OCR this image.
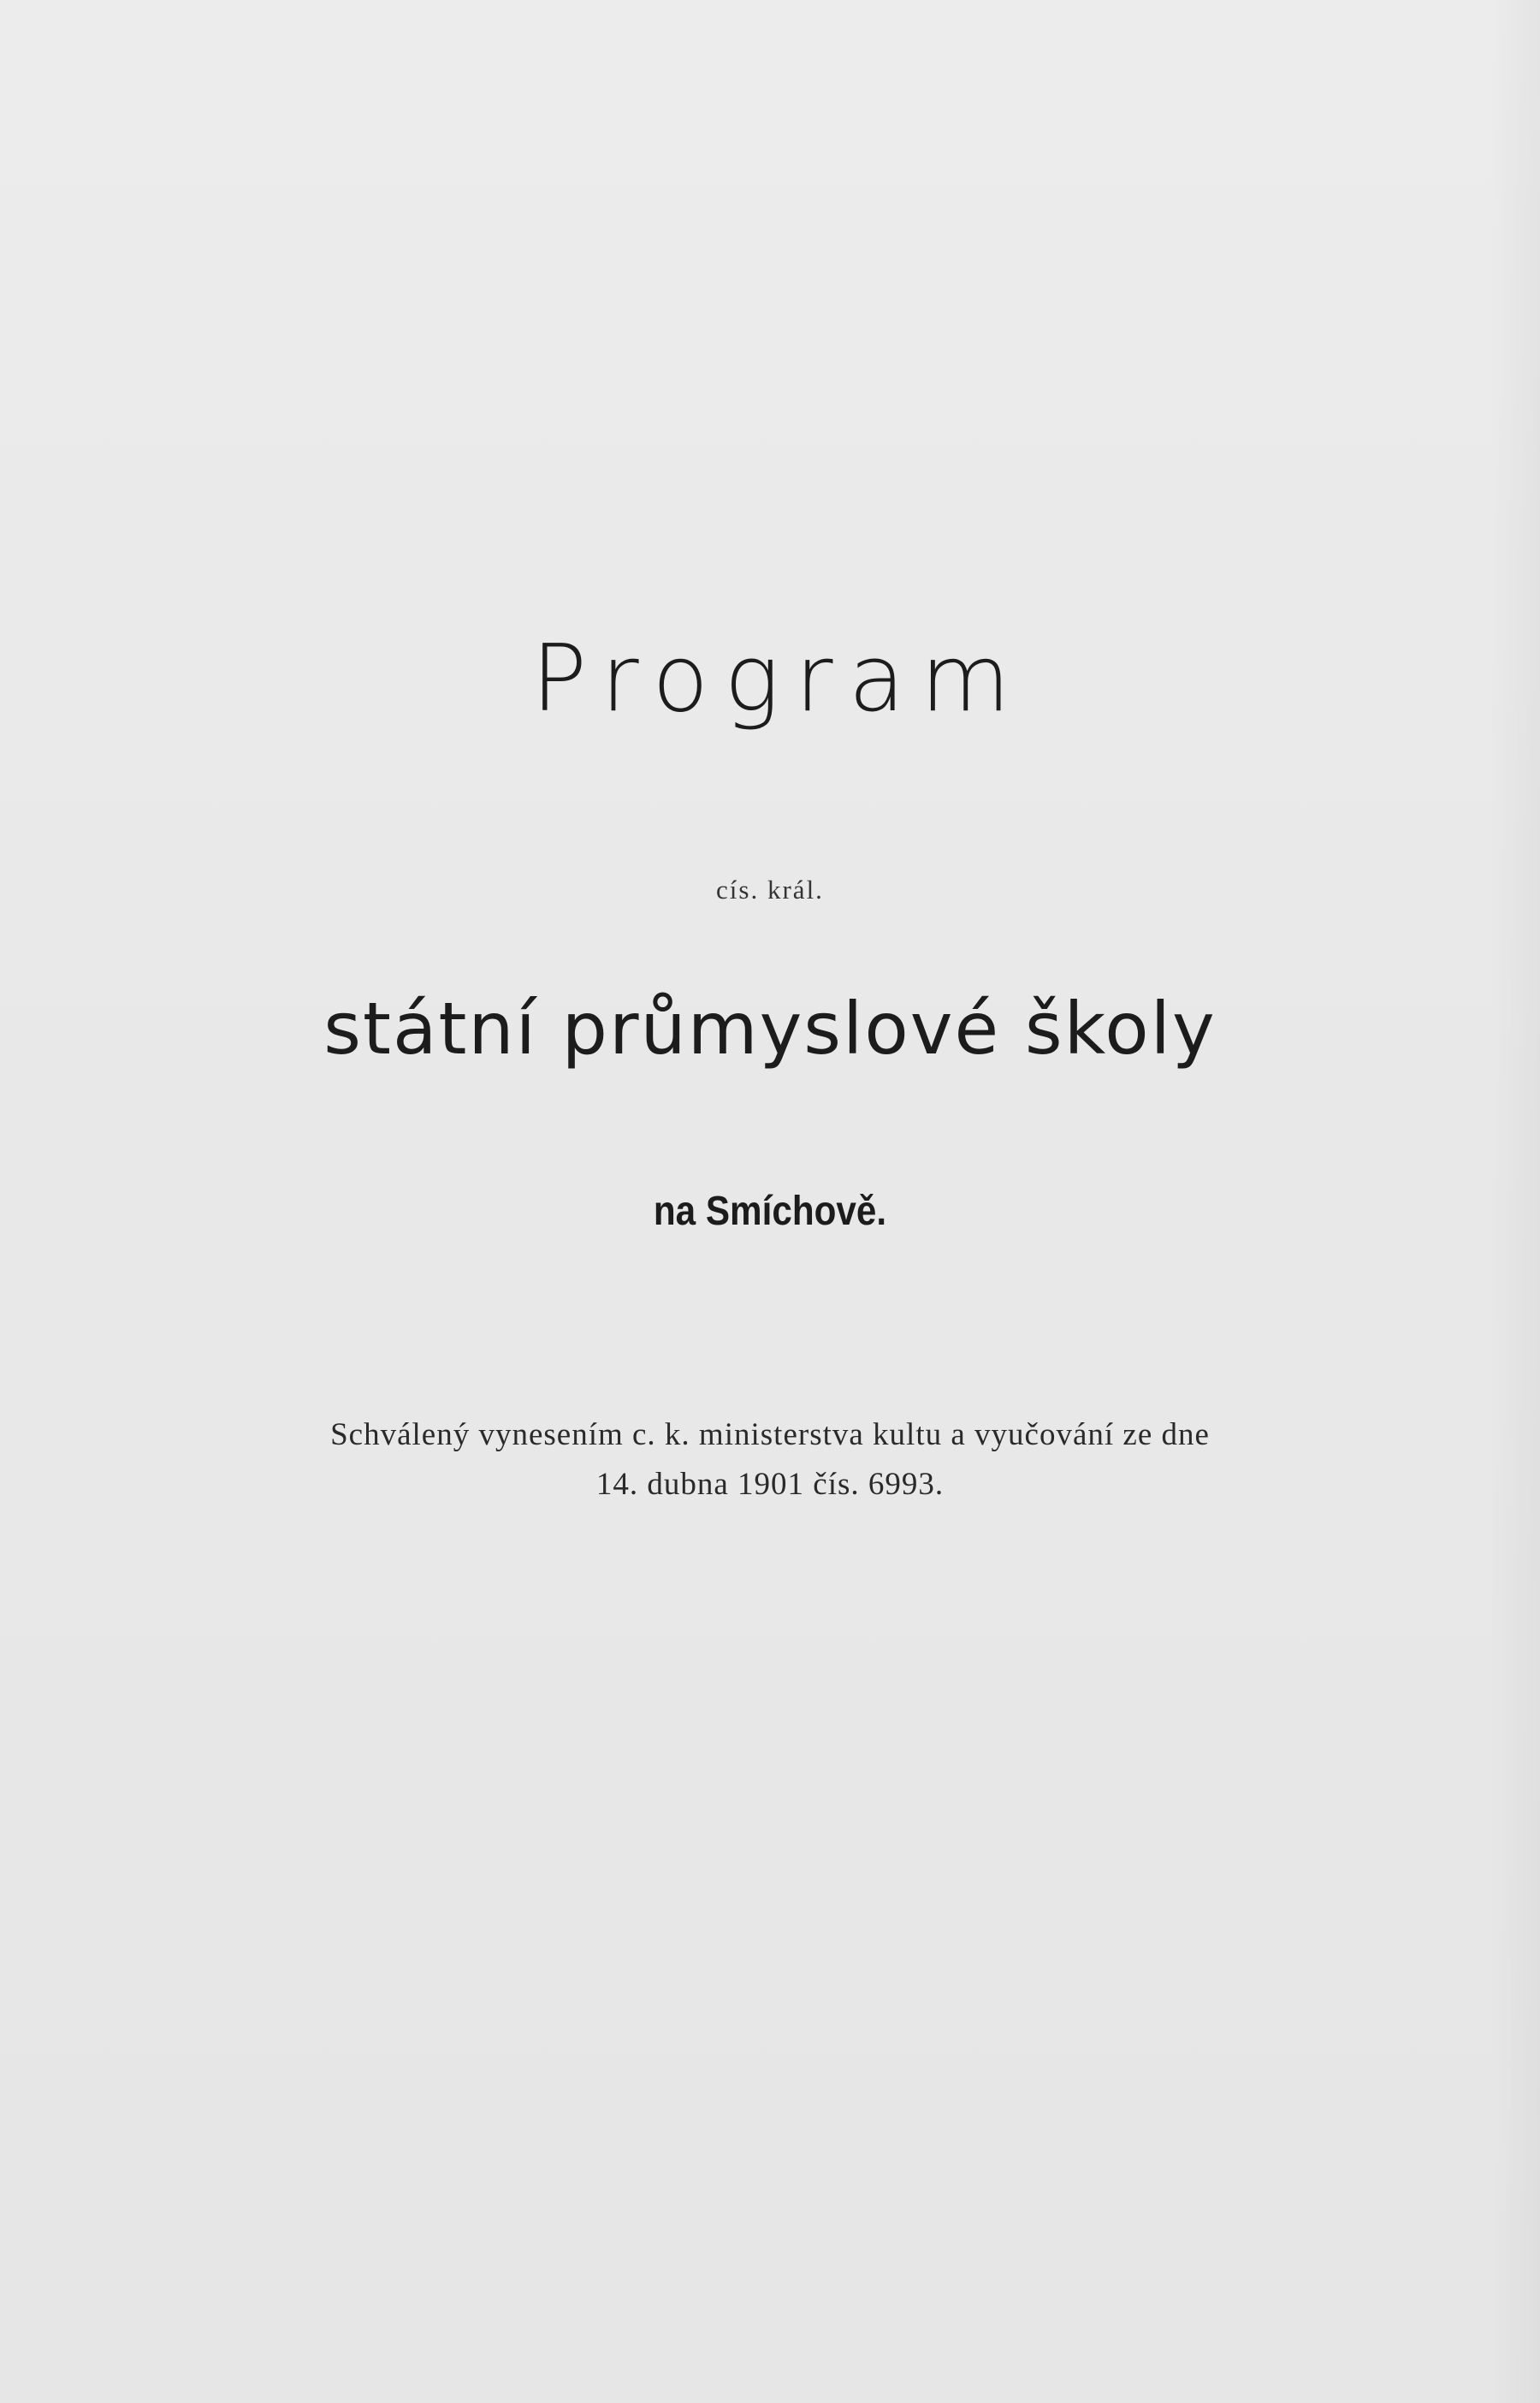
Program
cís. král.
státní průmyslové školy
na Smíchově.
Schválený vynesením c. k. ministerstva kultu a vyučování ze dne
14. dubna 1901 čís. 6993.
